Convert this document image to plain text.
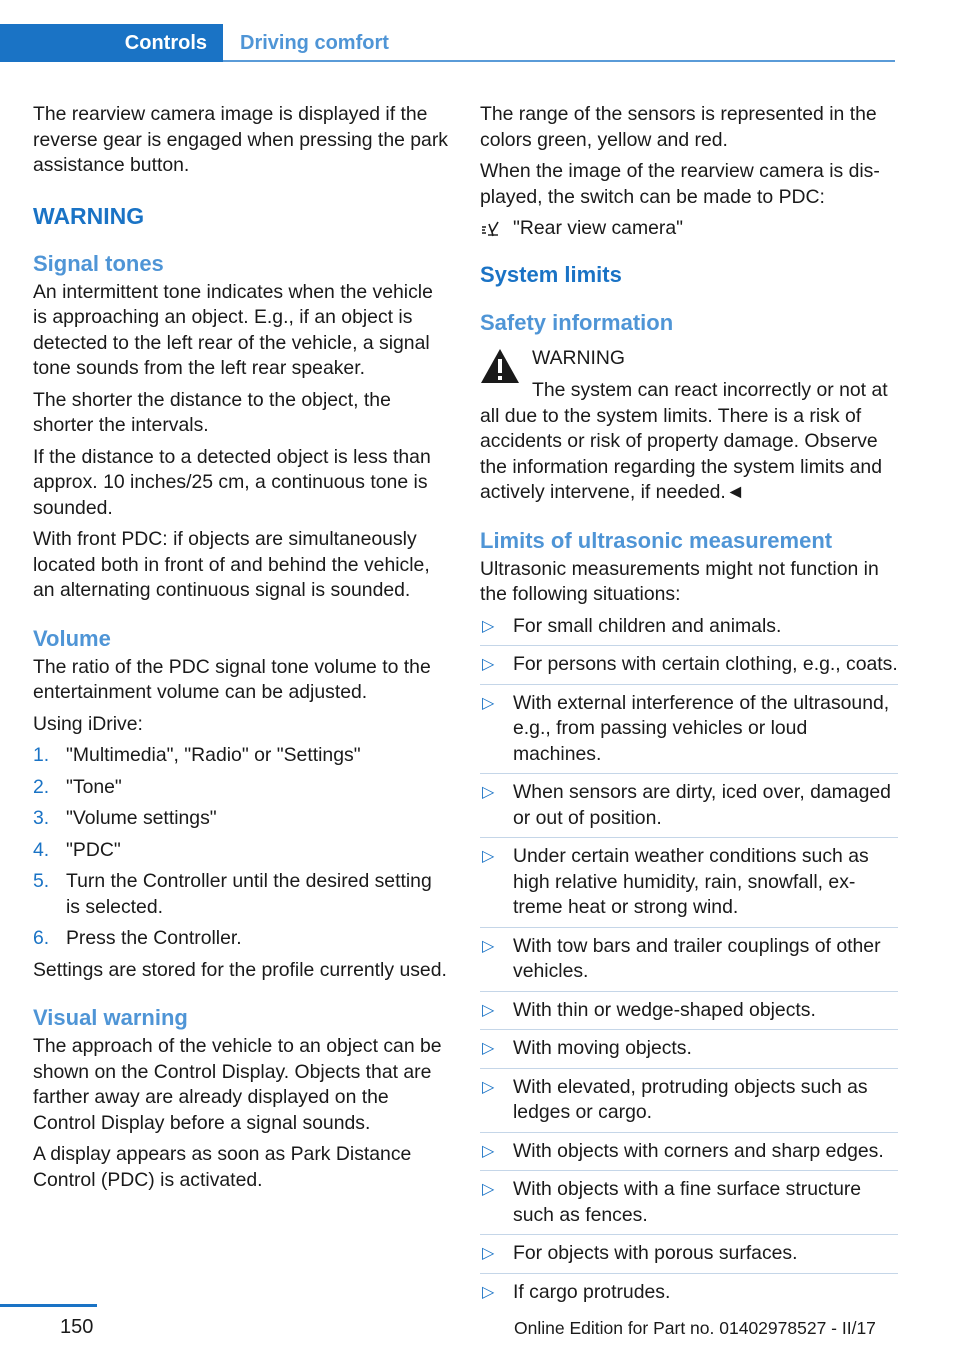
Controls	Driving comfort

The rearview camera image is displayed if the reverse gear is engaged when pressing the park assistance button.

WARNING
Signal tones

An intermittent tone indicates when the vehicle is approaching an object. E.g., if an object is detected to the left rear of the vehicle, a signal tone sounds from the left rear speaker.

The shorter the distance to the object, the shorter the intervals.

If the distance to a detected object is less than approx. 10 inches/25 cm, a continuous tone is sounded.

With front PDC: if objects are simultaneously located both in front of and behind the vehicle, an alternating continuous signal is sounded.

Volume

The ratio of the PDC signal tone volume to the entertainment volume can be adjusted.

Using iDrive:

1. "Multimedia", "Radio" or "Settings"
2. "Tone"
3. "Volume settings"
4. "PDC"
5. Turn the Controller until the desired setting is selected.
6. Press the Controller.

Settings are stored for the profile currently used.

Visual warning

The approach of the vehicle to an object can be shown on the Control Display. Objects that are farther away are already displayed on the Control Display before a signal sounds.

A display appears as soon as Park Distance Control (PDC) is activated.

The range of the sensors is represented in the colors green, yellow and red.

When the image of the rearview camera is displayed, the switch can be made to PDC:

"Rear view camera"
System limits
Safety information

WARNING

The system can react incorrectly or not at all due to the system limits. There is a risk of accidents or risk of property damage. Observe the information regarding the system limits and actively intervene, if needed.◄

Limits of ultrasonic measurement

Ultrasonic measurements might not function in the following situations:

▷ For small children and animals.
▷ For persons with certain clothing, e.g., coats.
▷ With external interference of the ultrasound, e.g., from passing vehicles or loud machines.
▷ When sensors are dirty, iced over, damaged or out of position.
▷ Under certain weather conditions such as high relative humidity, rain, snowfall, extreme heat or strong wind.
▷ With tow bars and trailer couplings of other vehicles.
▷ With thin or wedge-shaped objects.
▷ With moving objects.
▷ With elevated, protruding objects such as ledges or cargo.
▷ With objects with corners and sharp edges.
▷ With objects with a fine surface structure such as fences.
▷ For objects with porous surfaces.
▷ If cargo protrudes.
150	Online Edition for Part no. 01402978527 - II/17
